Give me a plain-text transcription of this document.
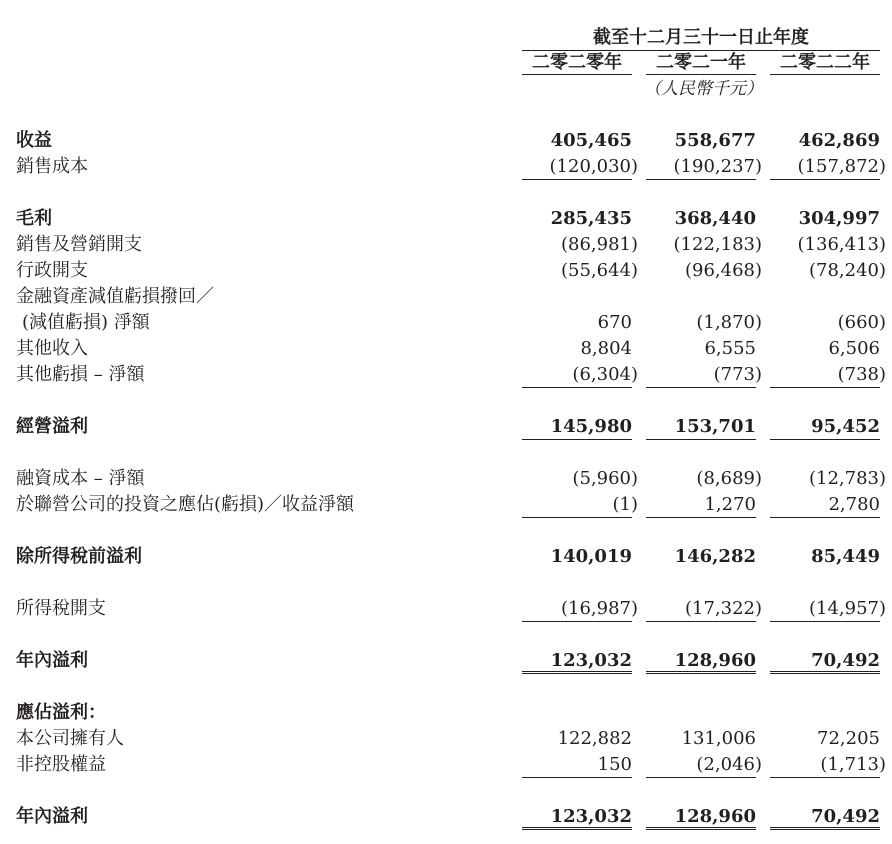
截至十二月三十一日止年度
二零二零年	二零二一年	二零二二年
（人民幣千元）
收益	405,465 558,677 462,869
銷售成本	(120,030) (190,237) (157,872)
毛利	285,435 368,440 304,997
銷售及營銷開支	(86,981) (122,183) (136,413)
行政開支	(55,644)	(96,468)	(78,240)
金融資產減值虧損撥回／
(減值虧損) 淨額	670	(1,870)	(660)
其他收入	8,804	6,555	6,506
其他虧損 – 淨額	(6,304)	(773)	(738)
經營溢利	145,980 153,701	95,452
融資成本 – 淨額	(5,960)	(8,689)	(12,783)
於聯營公司的投資之應佔(虧損)／收益淨額	(1)	1,270	2,780
除所得稅前溢利	140,019 146,282	85,449
所得稅開支	(16,987)	(17,322)	(14,957)
年內溢利	123,032 128,960	70,492
應佔溢利：
本公司擁有人	122,882	131,006	72,205
非控股權益	150	(2,046)	(1,713)
年內溢利	123,032 128,960	70,492
